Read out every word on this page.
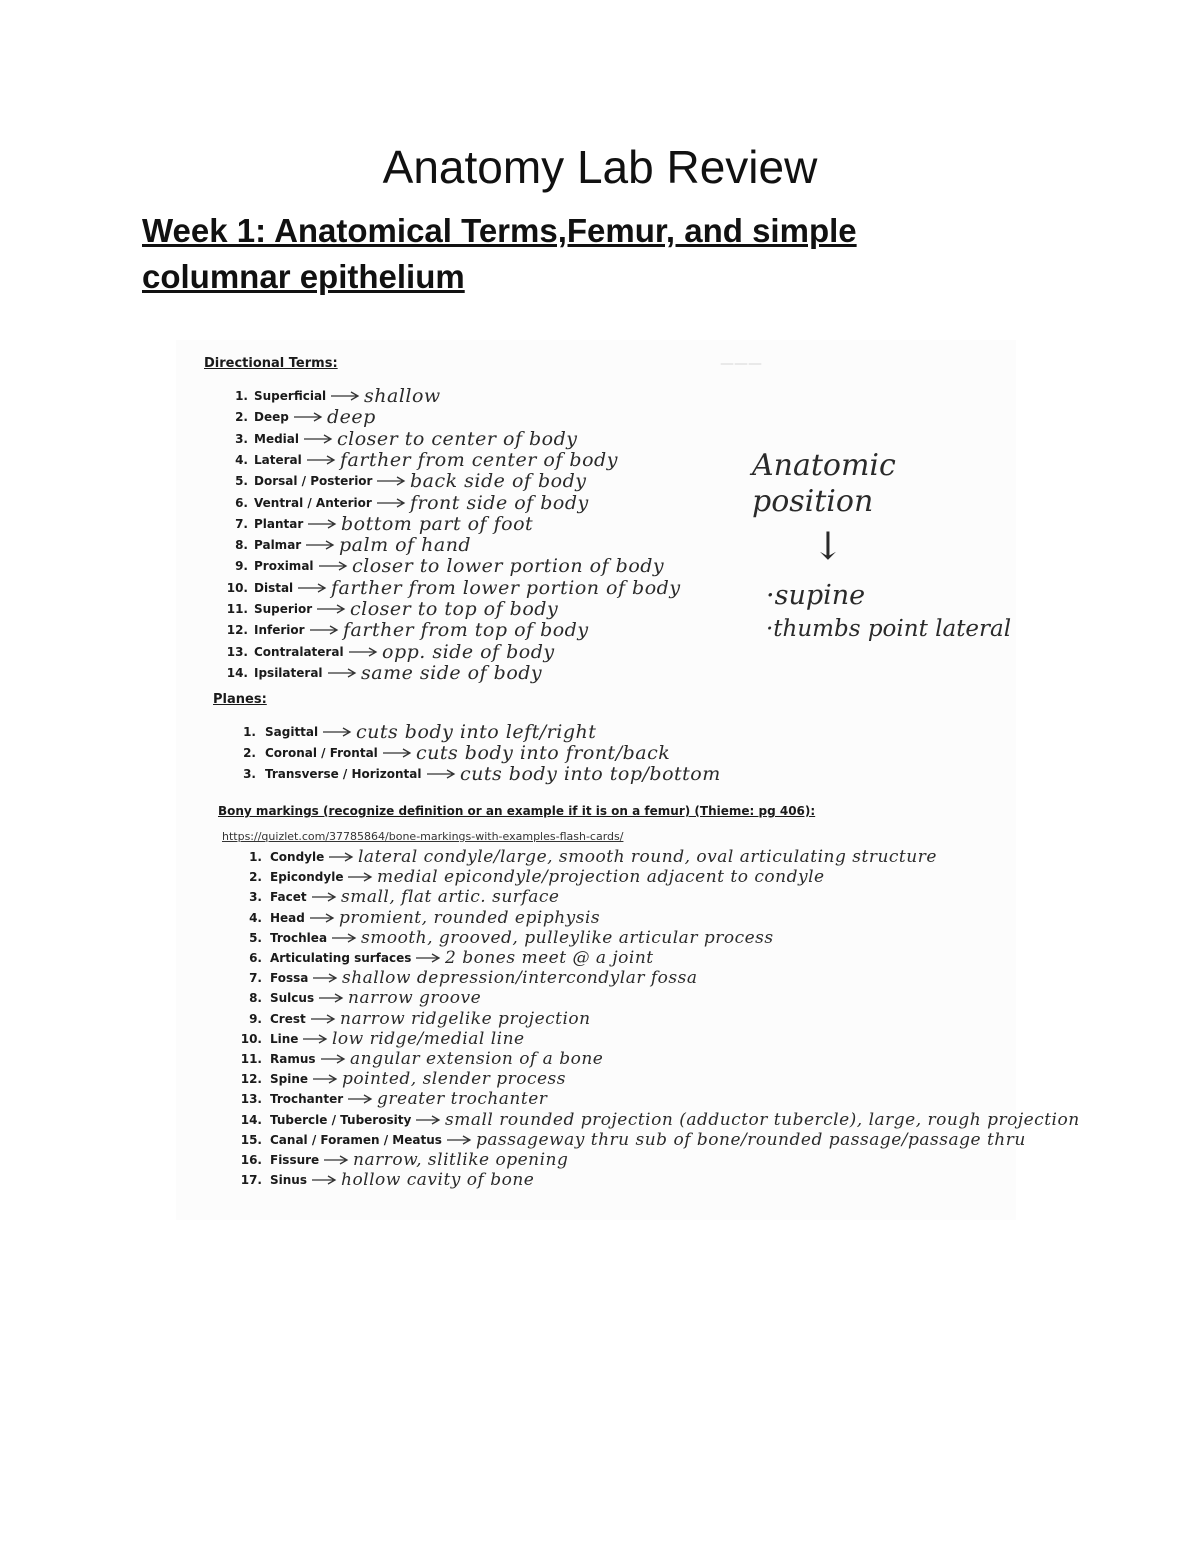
Anatomy Lab Review
Week 1: Anatomical Terms,Femur, and simple columnar epithelium
———
Directional Terms:
1. Superficial shallow
2. Deep deep
3. Medial closer to center of body
4. Lateral farther from center of body
5. Dorsal / Posterior back side of body
6. Ventral / Anterior front side of body
7. Plantar bottom part of foot
8. Palmar palm of hand
9. Proximal closer to lower portion of body
10. Distal farther from lower portion of body
11. Superior closer to top of body
12. Inferior farther from top of body
13. Contralateral opp. side of body
14. Ipsilateral same side of body
Anatomic position
↓
·supine
·thumbs point lateral
Planes:
1. Sagittal cuts body into left/right
2. Coronal / Frontal cuts body into front/back
3. Transverse / Horizontal cuts body into top/bottom
Bony markings (recognize definition or an example if it is on a femur) (Thieme: pg 406):
https://quizlet.com/37785864/bone-markings-with-examples-flash-cards/
1. Condyle lateral condyle/large, smooth round, oval articulating structure
2. Epicondyle medial epicondyle/projection adjacent to condyle
3. Facet small, flat artic. surface
4. Head promient, rounded epiphysis
5. Trochlea smooth, grooved, pulleylike articular process
6. Articulating surfaces 2 bones meet @ a joint
7. Fossa shallow depression/intercondylar fossa
8. Sulcus narrow groove
9. Crest narrow ridgelike projection
10. Line low ridge/medial line
11. Ramus angular extension of a bone
12. Spine pointed, slender process
13. Trochanter greater trochanter
14. Tubercle / Tuberosity small rounded projection (adductor tubercle), large, rough projection
15. Canal / Foramen / Meatus passageway thru sub of bone/rounded passage/passage thru
16. Fissure narrow, slitlike opening
17. Sinus hollow cavity of bone
